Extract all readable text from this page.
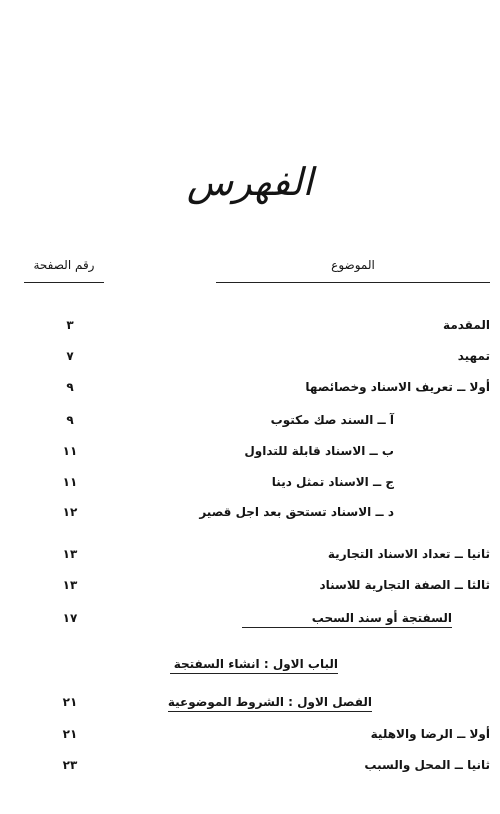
الفهرس
الموضوع
رقم الصفحة
المقدمة
٣
تمهيد
٧
أولا ــ تعريف الاسناد وخصائصها
٩
آ ــ السند صك مكتوب
٩
ب ــ الاسناد قابلة للتداول
١١
ج ــ الاسناد تمثل دينا
١١
د ــ الاسناد تستحق بعد اجل قصير
١٢
ثانيا ــ تعداد الاسناد التجارية
١٣
ثالثا ــ الصفة التجارية للاسناد
١٣
السفتجة أو سند السحب
١٧
الباب الاول : انشاء السفتجة
الفصل الاول : الشروط الموضوعية
٢١
أولا ــ الرضا والاهلية
٢١
ثانيا ــ المحل والسبب
٢٣
